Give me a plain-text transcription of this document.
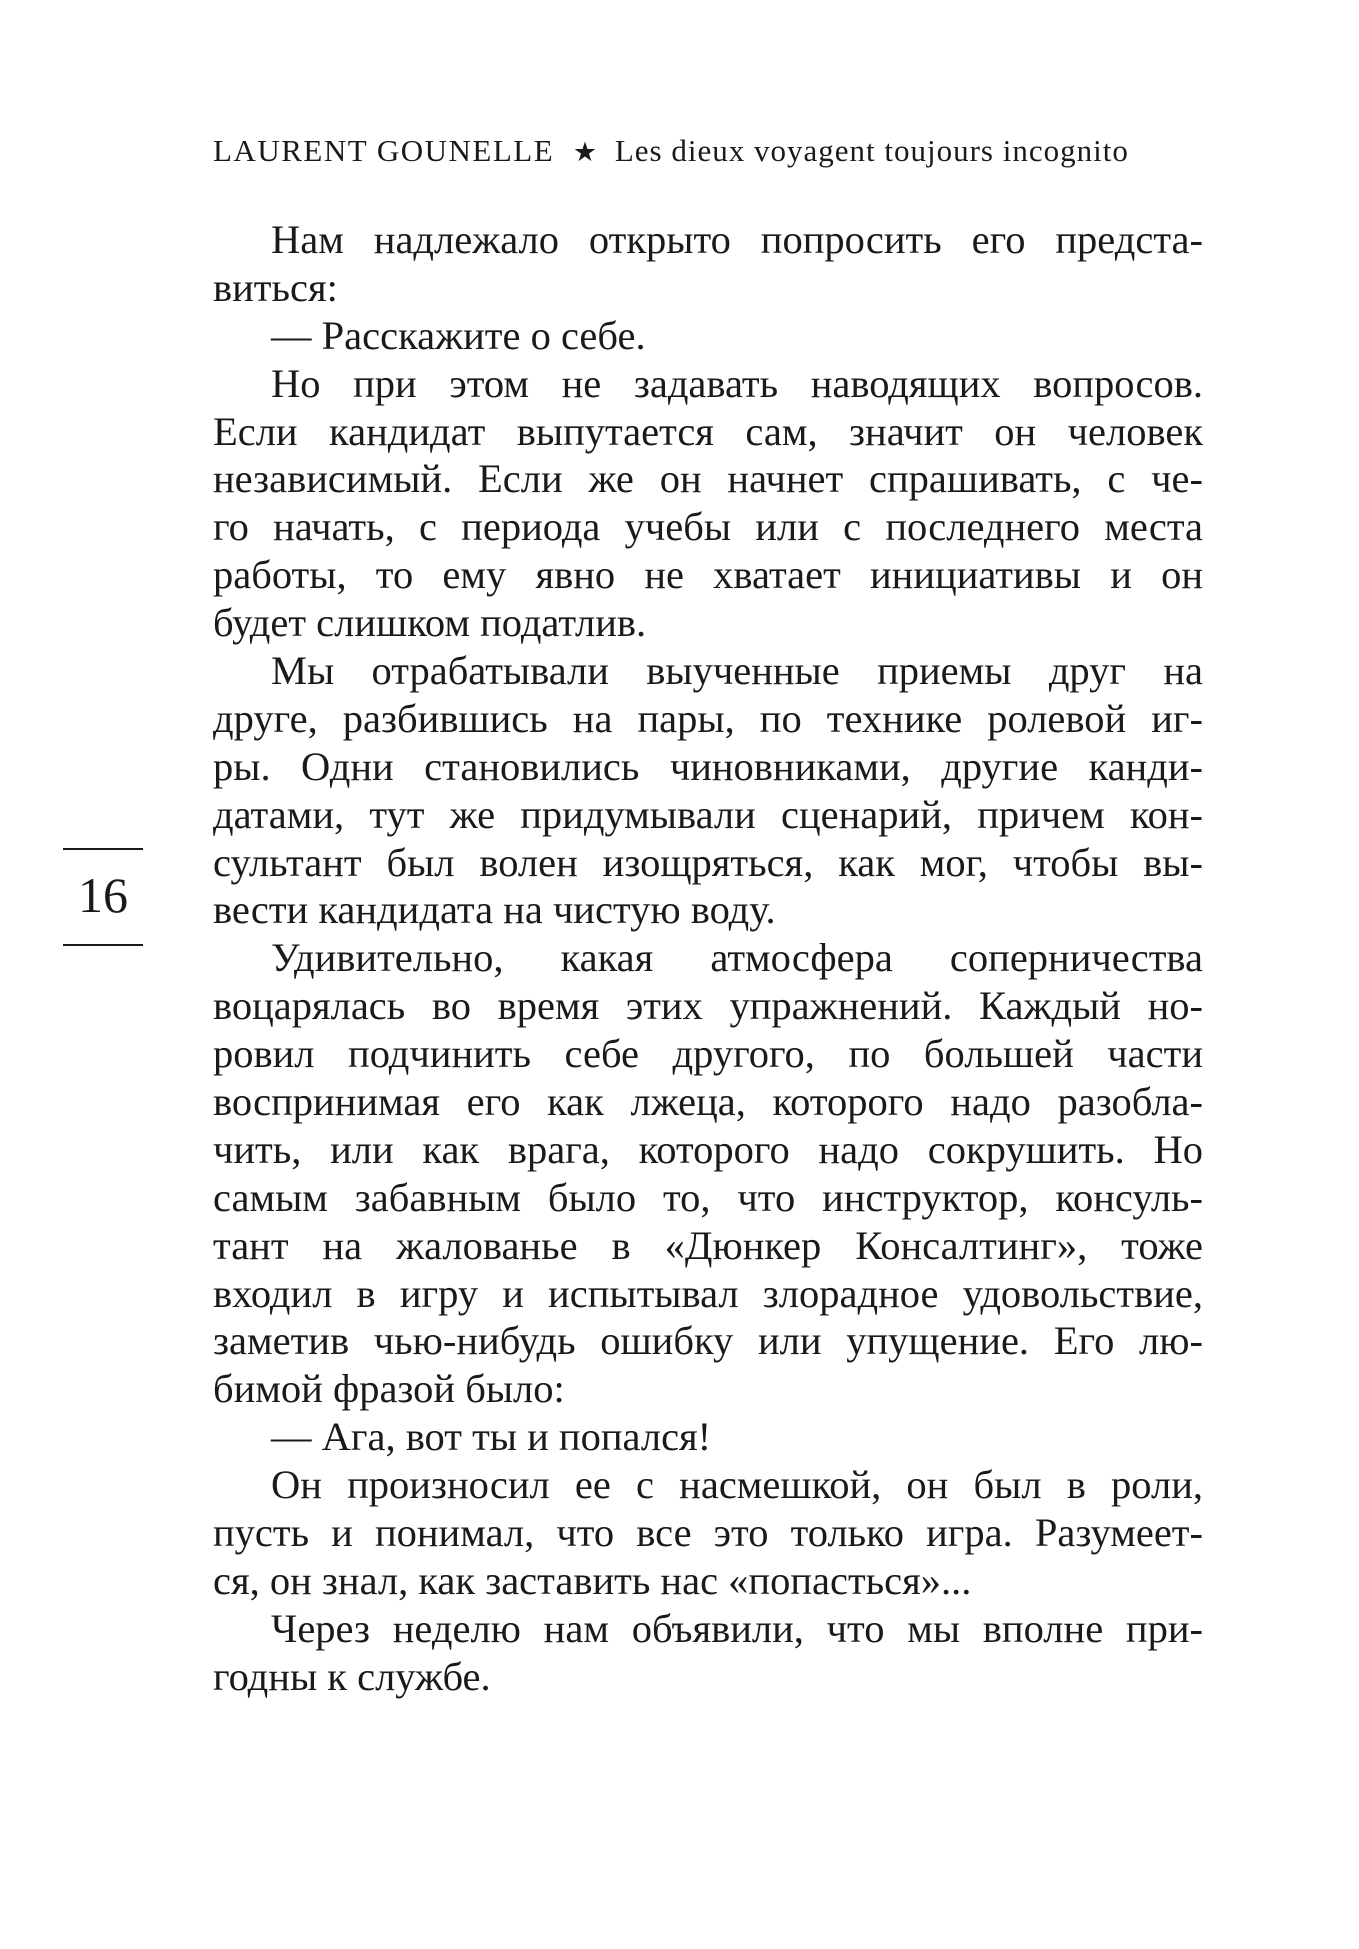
LAURENT GOUNELLE ★ Les dieux voyagent toujours incognito
16
Нам надлежало открыто попросить его предста-
виться:
— Расскажите о себе.
Но при этом не задавать наводящих вопросов.
Если кандидат выпутается сам, значит он человек
независимый. Если же он начнет спрашивать, с че-
го начать, с периода учебы или с последнего места
работы, то ему явно не хватает инициативы и он
будет слишком податлив.
Мы отрабатывали выученные приемы друг на
друге, разбившись на пары, по технике ролевой иг-
ры. Одни становились чиновниками, другие канди-
датами, тут же придумывали сценарий, причем кон-
сультант был волен изощряться, как мог, чтобы вы-
вести кандидата на чистую воду.
Удивительно, какая атмосфера соперничества
воцарялась во время этих упражнений. Каждый но-
ровил подчинить себе другого, по большей части
воспринимая его как лжеца, которого надо разобла-
чить, или как врага, которого надо сокрушить. Но
самым забавным было то, что инструктор, консуль-
тант на жалованье в «Дюнкер Консалтинг», тоже
входил в игру и испытывал злорадное удовольствие,
заметив чью-нибудь ошибку или упущение. Его лю-
бимой фразой было:
— Ага, вот ты и попался!
Он произносил ее с насмешкой, он был в роли,
пусть и понимал, что все это только игра. Разумеет-
ся, он знал, как заставить нас «попасться»...
Через неделю нам объявили, что мы вполне при-
годны к службе.
